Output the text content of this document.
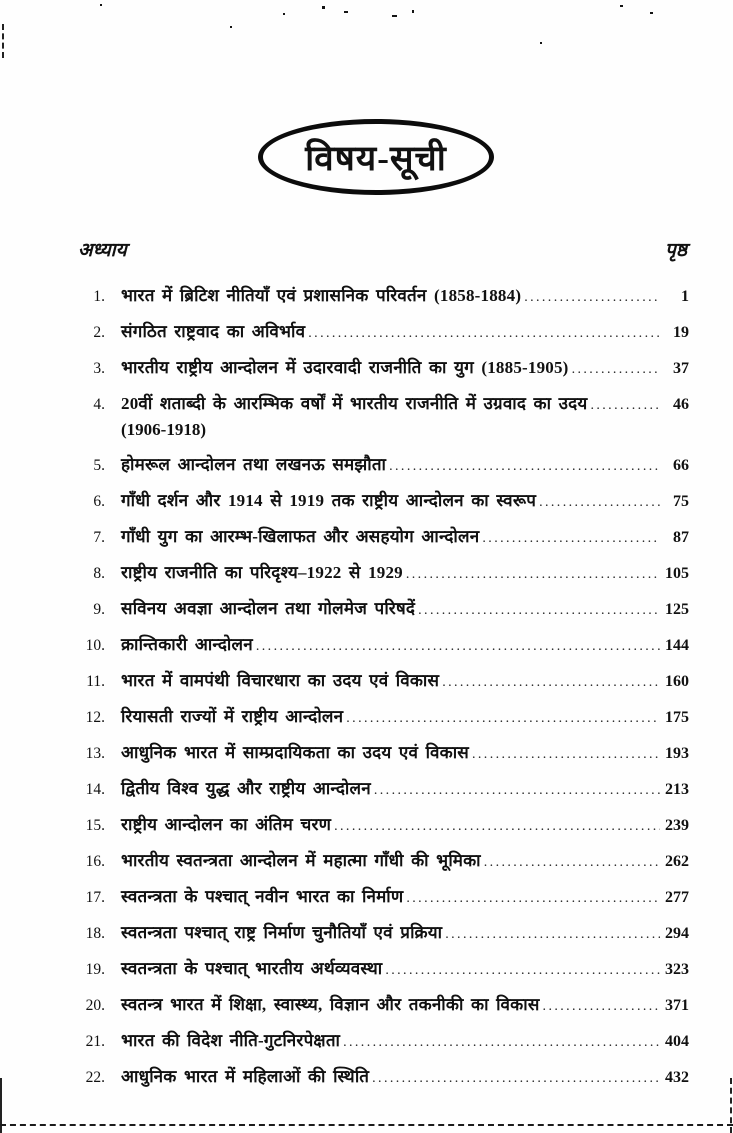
विषय-सूची
अध्याय	पृष्ठ
1. भारत में ब्रिटिश नीतियाँ एवं प्रशासनिक परिवर्तन (1858-1884) .....	1
2. संगठित राष्ट्रवाद का अविर्भाव .....	19
3. भारतीय राष्ट्रीय आन्दोलन में उदारवादी राजनीति का युग (1885-1905) .....	37
4. 20वीं शताब्दी के आरम्भिक वर्षों में भारतीय राजनीति में उग्रवाद का उदय .....	46
(1906-1918)
5. होमरूल आन्दोलन तथा लखनऊ समझौता .....	66
6. गाँधी दर्शन और 1914 से 1919 तक राष्ट्रीय आन्दोलन का स्वरूप .....	75
7. गाँधी युग का आरम्भ-खिलाफत और असहयोग आन्दोलन .....	87
8. राष्ट्रीय राजनीति का परिदृश्य–1922 से 1929 .....	105
9. सविनय अवज्ञा आन्दोलन तथा गोलमेज परिषदें .....	125
10. क्रान्तिकारी आन्दोलन .....	144
11. भारत में वामपंथी विचारधारा का उदय एवं विकास .....	160
12. रियासती राज्यों में राष्ट्रीय आन्दोलन .....	175
13. आधुनिक भारत में साम्प्रदायिकता का उदय एवं विकास .....	193
14. द्वितीय विश्व युद्ध और राष्ट्रीय आन्दोलन .....	213
15. राष्ट्रीय आन्दोलन का अंतिम चरण .....	239
16. भारतीय स्वतन्त्रता आन्दोलन में महात्मा गाँधी की भूमिका .....	262
17. स्वतन्त्रता के पश्चात् नवीन भारत का निर्माण .....	277
18. स्वतन्त्रता पश्चात् राष्ट्र निर्माण चुनौतियाँ एवं प्रक्रिया .....	294
19. स्वतन्त्रता के पश्चात् भारतीय अर्थव्यवस्था .....	323
20. स्वतन्त्र भारत में शिक्षा, स्वास्थ्य, विज्ञान और तकनीकी का विकास .....	371
21. भारत की विदेश नीति-गुटनिरपेक्षता .....	404
22. आधुनिक भारत में महिलाओं की स्थिति .....	432
